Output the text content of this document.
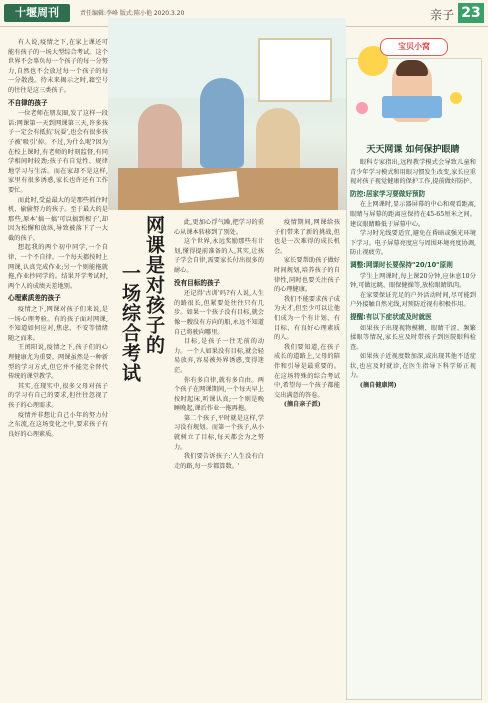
十堰周刊	责任编辑:李峰 版式:陈小艳 2020.3.20	亲子 23
网课是对孩子的
一场综合考试

有人说,疫情之下,在家上课还可能有孩子的一场大型综合考试。这个世界不会辜负每一个孩子的每一分努力,自然也不会放过每一个孩子的每一分散漫。待未来揭示之时,籍空号的往往是这三类孩子。

不自律的孩子

一位老师在朋友圈,发了这样一段话:网课第一天到网课第三天,许多孩子一定会有抵抗'玩耍',也会有很多孩子被'吸引'掉。不过,为什么呢?因为在校上课时,有老师的时刻监督,有同学相间时较劲;孩子有自觉性、规律地学习与生活。而在家却不是这样,家里有很多诱惑,家长也许还有工作要忙。

而此时,受益最大的是那些抓住时机、偷偷努力的孩子。至于最大的是那些,原本'搞一搞'可以搞到根子',却因为松懈和放纵,导致被落下了一大截的孩子。

想起我的两个初中同学,一个自律、一个不自律。一个每天都按时上网课,认真完成作业;另一个则能拖就拖,作业抄同学的。结果开学考试时,两个人的成绩天差地别。

心理素质差的孩子

疫情之下,网课对孩子们来说,是一场心理考验。有的孩子面对网课,不知道如何应对,焦虑、不安等情绪随之而来。

王闰阳说,疫情之下,孩子们的心理健康尤为重要。网课虽然是一种新型的学习方式,但它并不能完全替代传统的课堂教学。

其实,在现实中,很多父母对孩子的学习有自己的要求,但往往忽视了孩子的心理需求。

疫情并非想让自己小年的努力付之东流,在这场变化之中,要求孩子有良好的心理素质。

此,更加心浮气躁,把学习的重心从课本转移到了别处。

这个世界,永远奖励那些有计划,懂得提前准备的人,其实,让孩子学会自律,需要家长付出很多的耐心。

没有目标的孩子

还记得'古训'吗?有人说,人生的路很长,但紧要处往往只有几步。如果一个孩子没有目标,就会像一艘没有方向的船,永远不知道自己将驶向哪里。

目标,是孩子一往无前的动力。一个人如果没有目标,就会轻易放弃,容易被外界诱惑,变得迷茫。

你有多自律,就有多自由。两个孩子在网课期间,一个每天早上按时起床,听课认真;一个则是晚睡晚起,课后作业一拖再拖。

第二个孩子,平时就是这样,学习没有规划。而第一个孩子,从小就树立了目标,每天都会为之努力。

我们要告诉孩子:'人生没有白走的路,每一步都算数。'

疫情期间,网课给孩子们带来了新的挑战,但也是一次难得的成长机会。

家长要帮助孩子做好时间规划,培养孩子的自律性,同时也要关注孩子的心理健康。

我们不能要求孩子成为天才,但至少可以让他们成为一个有计划、有目标、有良好心理素质的人。

我们要知道,在孩子成长的道路上,父母的陪伴和引导是最重要的。在这场特殊的综合考试中,希望每一个孩子都能交出满意的答卷。

(摘自亲子派)

宝贝小窝
天天网课 如何保护眼睛

眼科专家指出,远程教学模式会导致儿童和青少年学习模式和用眼习惯发生改变,家长应重视对孩子视觉健康的保护工作,提前做好防护。

防控:居家学习要做好预防

在上网课时,显示器屏幕的中心和观看距离,眼睛与屏幕的距离应保持在45-65厘米之间。建议眼睛略低于屏幕中心。

学习时光线要适宜,避免在昏暗或强光环境下学习。电子屏幕亮度应与周围环境亮度协调,防止视疲劳。

调整:网课时长要保持"20/10"原则

学生上网课时,每上课20分钟,应休息10分钟,可做远眺、眼保健操等,放松眼睛肌肉。

在家要保证充足的户外活动时间,尽可能到户外接触自然光线,对预防近视有积极作用。

提醒:有以下症状或及时就医

如果孩子出现视物模糊、眼睛干涩、频繁揉眼等情况,家长应及时带孩子到医院眼科检查。

如果孩子近视度数加深,或出现其他不适症状,也应及时就诊,在医生指导下科学矫正视力。

(摘自健康网)
